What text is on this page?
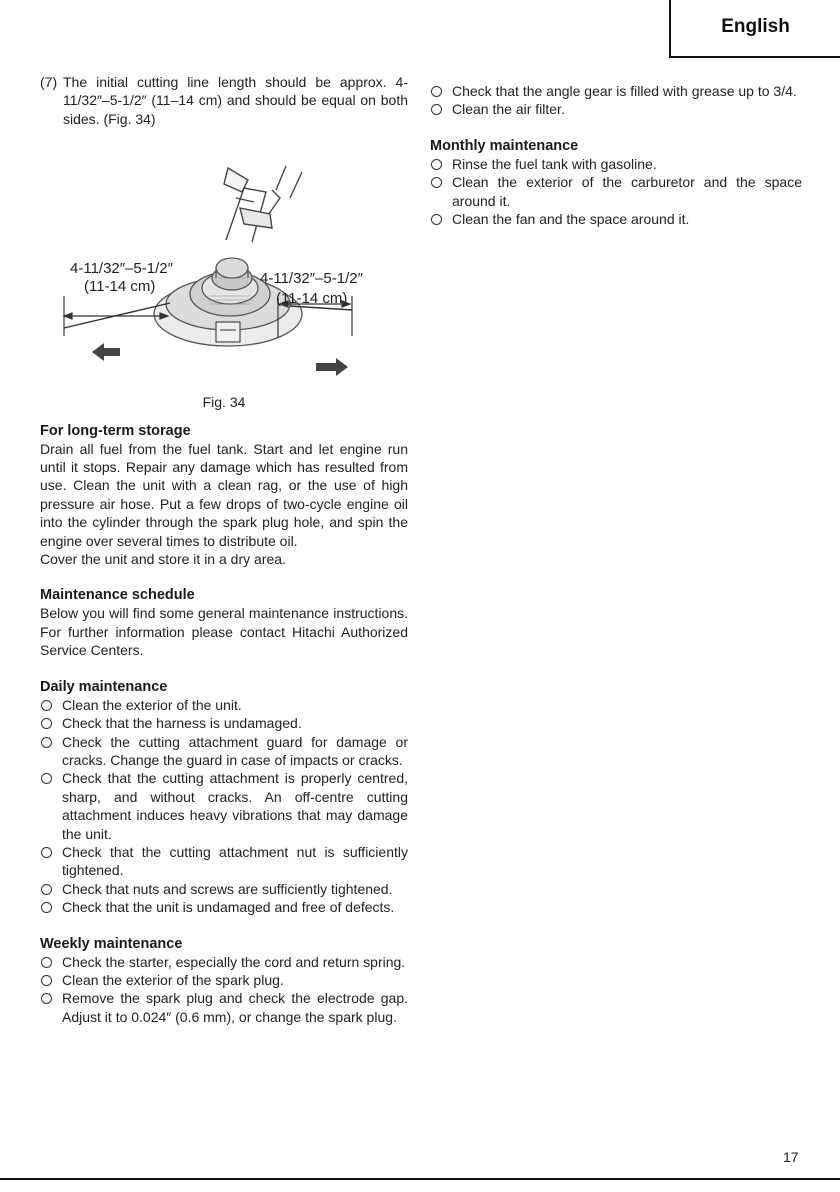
English
(7) The initial cutting line length should be approx. 4-11/32″–5-1/2″ (11–14 cm) and should be equal on both sides. (Fig. 34)
4-11/32″–5-1/2″
(11-14 cm)	4-11/32″–5-1/2″
(11-14 cm)

Fig. 34

For long-term storage

Drain all fuel from the fuel tank. Start and let engine run until it stops. Repair any damage which has resulted from use. Clean the unit with a clean rag, or the use of high pressure air hose. Put a few drops of two-cycle engine oil into the cylinder through the spark plug hole, and spin the engine over several times to distribute oil.

Cover the unit and store it in a dry area.

Maintenance schedule

Below you will find some general maintenance instructions. For further information please contact Hitachi Authorized Service Centers.

Daily maintenance
Clean the exterior of the unit.
Check that the harness is undamaged.
Check the cutting attachment guard for damage or cracks. Change the guard in case of impacts or cracks.
Check that the cutting attachment is properly centred, sharp, and without cracks. An off-centre cutting attachment induces heavy vibrations that may damage the unit.
Check that the cutting attachment nut is sufficiently tightened.
Check that nuts and screws are sufficiently tightened.
Check that the unit is undamaged and free of defects.
Weekly maintenance
Check the starter, especially the cord and return spring.
Clean the exterior of the spark plug.
Remove the spark plug and check the electrode gap. Adjust it to 0.024″ (0.6 mm), or change the spark plug.
Check that the angle gear is filled with grease up to 3/4.
Clean the air filter.
Monthly maintenance
Rinse the fuel tank with gasoline.
Clean the exterior of the carburetor and the space around it.
Clean the fan and the space around it.
17
